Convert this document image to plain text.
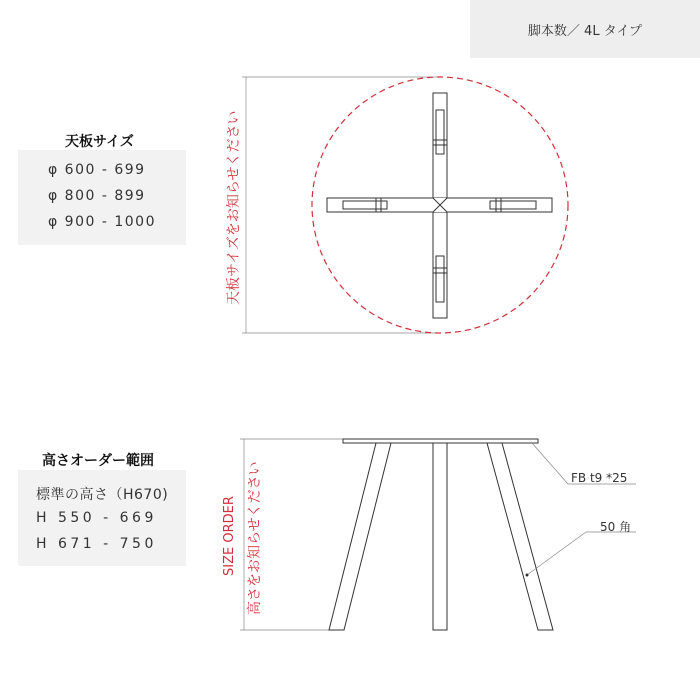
脚本数／ 4L タイプ
天板サイズ
φ 600 - 699
φ 800 - 899
φ 900 - 1000
高さオーダー範囲
標準の高さ（H670)
H 550 - 669
H 671 - 750
天板サイズをお知らせください
SIZE ORDER 高さをお知らせください	FB t9 *25
50 角
